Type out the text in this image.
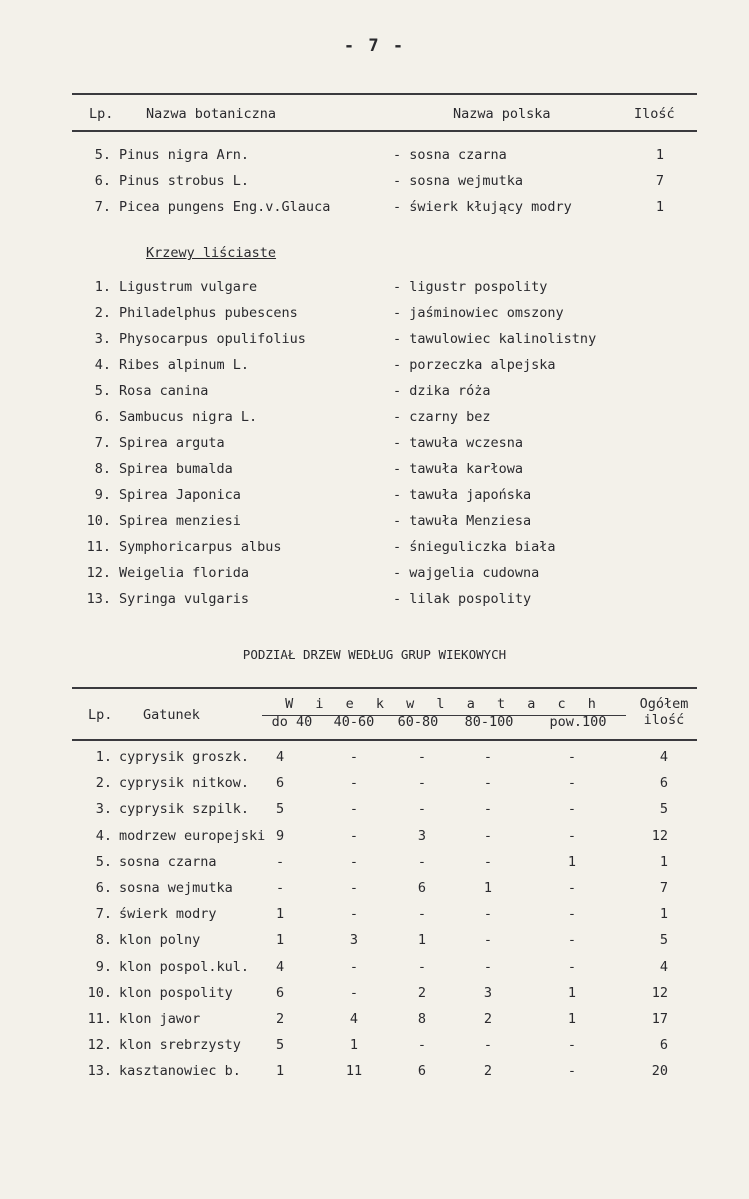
- 7 -
Lp. Nazwa botaniczna	Nazwa polska	Ilość
5. Pinus nigra Arn.	- sosna czarna	1
6. Pinus strobus L.	- sosna wejmutka	7
7. Picea pungens Eng.v.Glauca	- świerk kłujący modry	1
Krzewy liściaste
1. Ligustrum vulgare	- ligustr pospolity
2. Philadelphus pubescens	- jaśminowiec omszony
3. Physocarpus opulifolius	- tawulowiec kalinolistny
4. Ribes alpinum L.	- porzeczka alpejska
5. Rosa canina	- dzika róża
6. Sambucus nigra L.	- czarny bez
7. Spirea arguta	- tawuła wczesna
8. Spirea bumalda	- tawuła karłowa
9. Spirea Japonica	- tawuła japońska
10. Spirea menziesi	- tawuła Menziesa
11. Symphoricarpus albus	- śnieguliczka biała
12. Weigelia florida	- wajgelia cudowna
13. Syringa vulgaris	- lilak pospolity
PODZIAŁ DRZEW WEDŁUG GRUP WIEKOWYCH
Lp. Gatunek
W i e k w l a t a c h	Ogółem
ilość
do 40	40-60	60-80	80-100	pow.100
1. cyprysik groszk. 4	-	-	-	-	4
2. cyprysik nitkow. 6	-	-	-	-	6
3. cyprysik szpilk. 5	-	-	-	-	5
4. modrzew europejski 9	-	3	-	-	12
5. sosna czarna	-	-	-	-	1	1
6. sosna wejmutka	-	-	6	1	-	7
7. świerk modry	1	-	-	-	-	1
8. klon polny	1	3	1	-	-	5
9. klon pospol.kul. 4	-	-	-	-	4
10. klon pospolity	6	-	2	3	1	12
11. klon jawor	2	4	8	2	1	17
12. klon srebrzysty	5	1	-	-	-	6
13. kasztanowiec b.	1	11	6	2	-	20
